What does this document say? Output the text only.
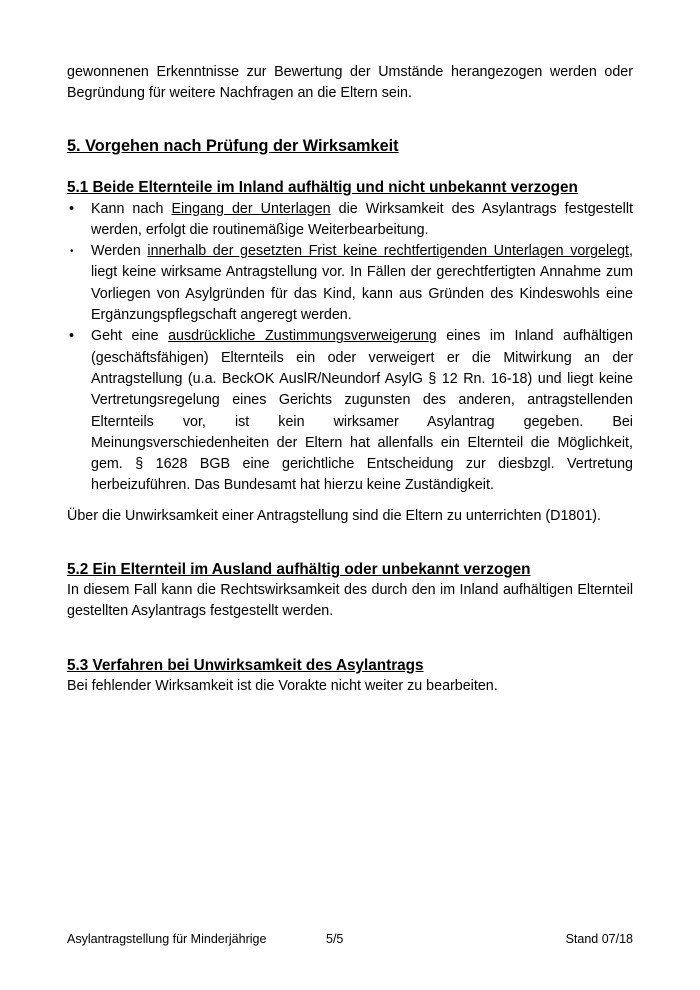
gewonnenen Erkenntnisse zur Bewertung der Umstände herangezogen werden oder Begründung für weitere Nachfragen an die Eltern sein.

5. Vorgehen nach Prüfung der Wirksamkeit
5.1 Beide Elternteile im Inland aufhältig und nicht unbekannt verzogen
• Kann nach Eingang der Unterlagen die Wirksamkeit des Asylantrags festgestellt werden, erfolgt die routinemäßige Weiterbearbeitung.
• Werden innerhalb der gesetzten Frist keine rechtfertigenden Unterlagen vorgelegt, liegt keine wirksame Antragstellung vor. In Fällen der gerechtfertigten Annahme zum Vorliegen von Asylgründen für das Kind, kann aus Gründen des Kindeswohls eine Ergänzungspflegschaft angeregt werden.
• Geht eine ausdrückliche Zustimmungsverweigerung eines im Inland aufhältigen (geschäftsfähigen) Elternteils ein oder verweigert er die Mitwirkung an der Antragstellung (u.a. BeckOK AuslR/Neundorf AsylG § 12 Rn. 16-18) und liegt keine Vertretungsregelung eines Gerichts zugunsten des anderen, antragstellenden Elternteils vor, ist kein wirksamer Asylantrag gegeben. Bei Meinungsverschiedenheiten der Eltern hat allenfalls ein Elternteil die Möglichkeit, gem. § 1628 BGB eine gerichtliche Entscheidung zur diesbzgl. Vertretung herbeizuführen. Das Bundesamt hat hierzu keine Zuständigkeit.

Über die Unwirksamkeit einer Antragstellung sind die Eltern zu unterrichten (D1801).

5.2 Ein Elternteil im Ausland aufhältig oder unbekannt verzogen

In diesem Fall kann die Rechtswirksamkeit des durch den im Inland aufhältigen Elternteil gestellten Asylantrags festgestellt werden.

5.3 Verfahren bei Unwirksamkeit des Asylantrags

Bei fehlender Wirksamkeit ist die Vorakte nicht weiter zu bearbeiten.

Asylantragstellung für Minderjährige	5/5	Stand 07/18
